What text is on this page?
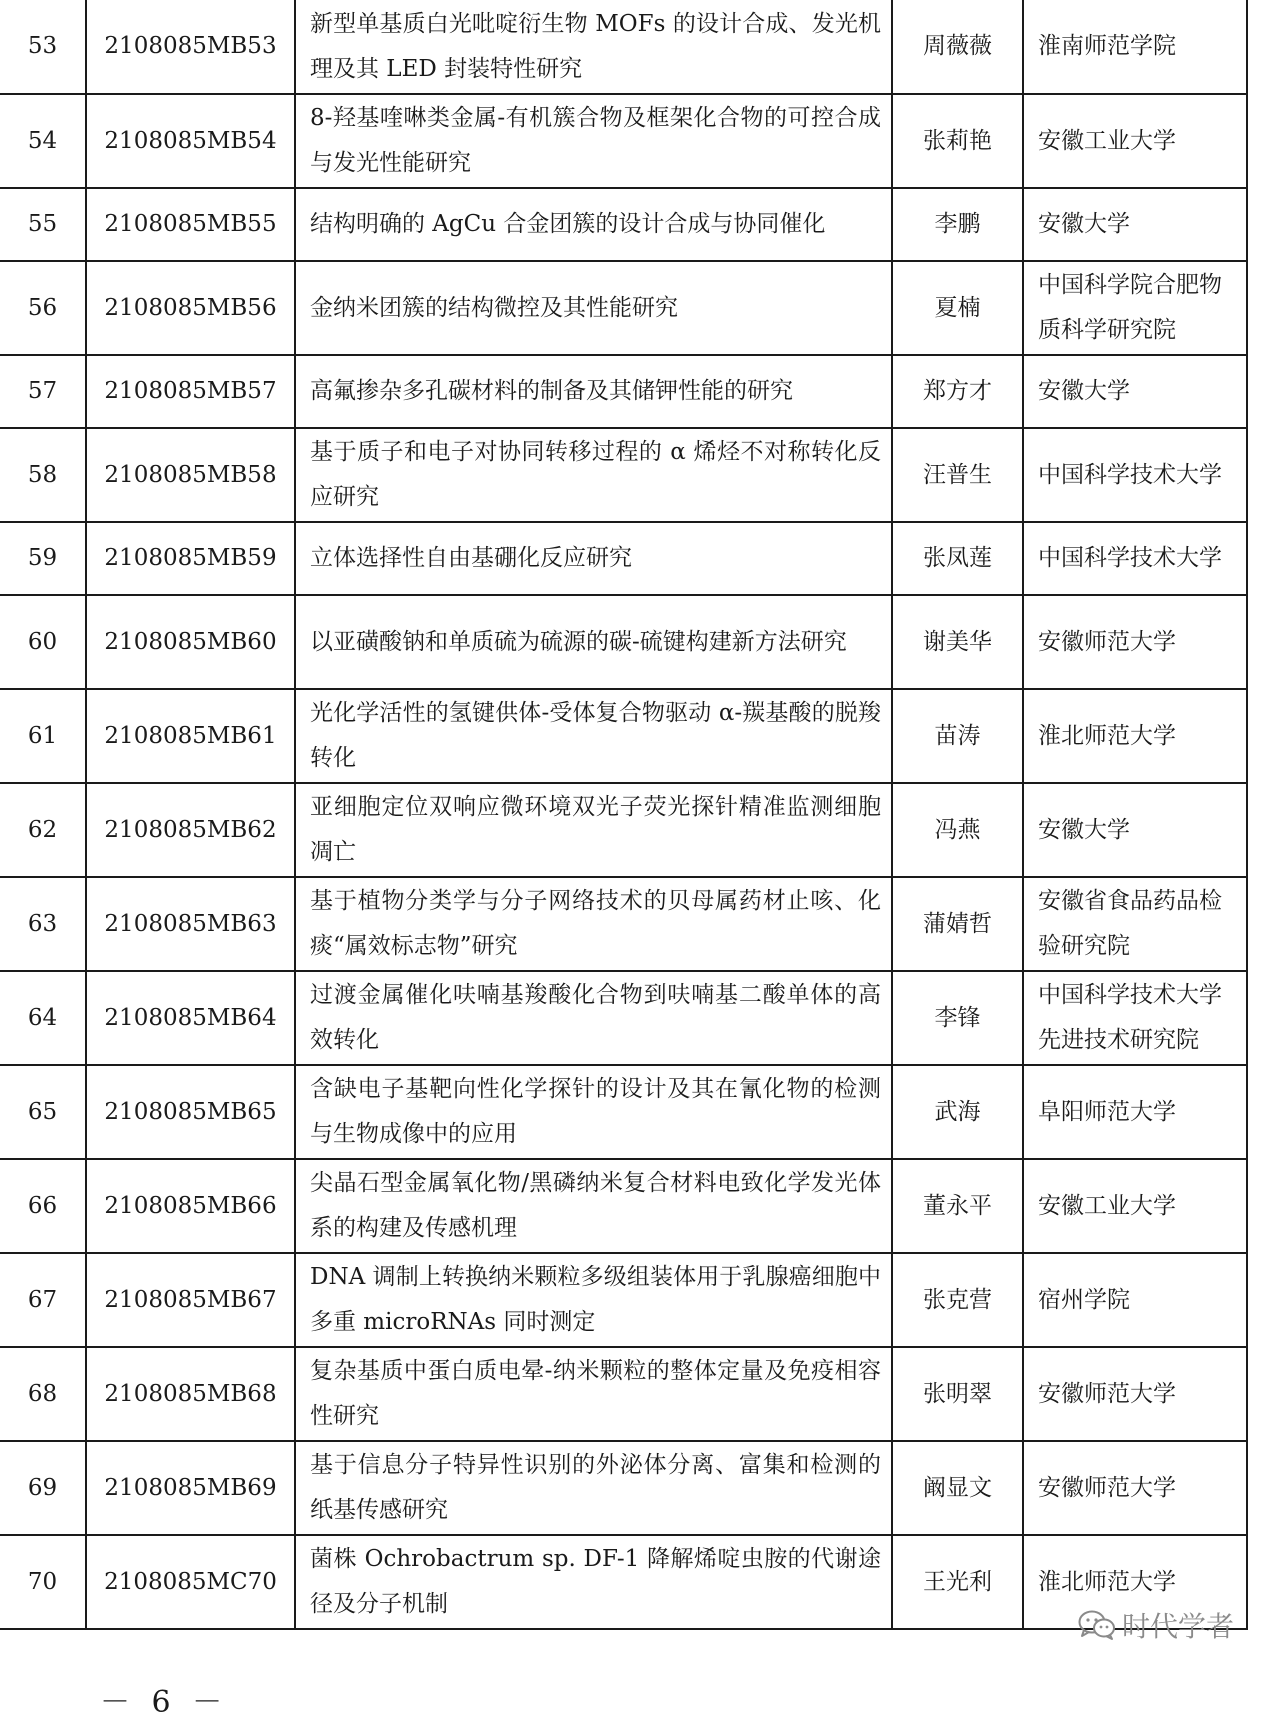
53	2108085MB53	新型单基质白光吡啶衍生物 MOFs 的设计合成、发光机理及其 LED 封装特性研究	周薇薇	淮南师范学院
54	2108085MB54	8-羟基喹啉类金属-有机簇合物及框架化合物的可控合成与发光性能研究	张莉艳	安徽工业大学
55	2108085MB55	结构明确的 AgCu 合金团簇的设计合成与协同催化	李鹏	安徽大学
56	2108085MB56	金纳米团簇的结构微控及其性能研究	夏楠	中国科学院合肥物质科学研究院
57	2108085MB57	高氟掺杂多孔碳材料的制备及其储钾性能的研究	郑方才	安徽大学
58	2108085MB58	基于质子和电子对协同转移过程的 α 烯烃不对称转化反应研究	汪普生	中国科学技术大学
59	2108085MB59	立体选择性自由基硼化反应研究	张凤莲	中国科学技术大学
60	2108085MB60	以亚磺酸钠和单质硫为硫源的碳-硫键构建新方法研究	谢美华	安徽师范大学
61	2108085MB61	光化学活性的氢键供体-受体复合物驱动 α-羰基酸的脱羧转化	苗涛	淮北师范大学
62	2108085MB62	亚细胞定位双响应微环境双光子荧光探针精准监测细胞凋亡	冯燕	安徽大学
63	2108085MB63	基于植物分类学与分子网络技术的贝母属药材止咳、化痰“属效标志物”研究	蒲婧哲	安徽省食品药品检验研究院
64	2108085MB64	过渡金属催化呋喃基羧酸化合物到呋喃基二酸单体的高效转化	李锋	中国科学技术大学先进技术研究院
65	2108085MB65	含缺电子基靶向性化学探针的设计及其在氰化物的检测与生物成像中的应用	武海	阜阳师范大学
66	2108085MB66	尖晶石型金属氧化物/黑磷纳米复合材料电致化学发光体系的构建及传感机理	董永平	安徽工业大学
67	2108085MB67	DNA 调制上转换纳米颗粒多级组装体用于乳腺癌细胞中多重 microRNAs 同时测定	张克营	宿州学院
68	2108085MB68	复杂基质中蛋白质电晕-纳米颗粒的整体定量及免疫相容性研究	张明翠	安徽师范大学
69	2108085MB69	基于信息分子特异性识别的外泌体分离、富集和检测的纸基传感研究	阚显文	安徽师范大学
70	2108085MC70	菌株 Ochrobactrum sp. DF-1 降解烯啶虫胺的代谢途径及分子机制	王光利	淮北师范大学
时代学者
－ 6 －
